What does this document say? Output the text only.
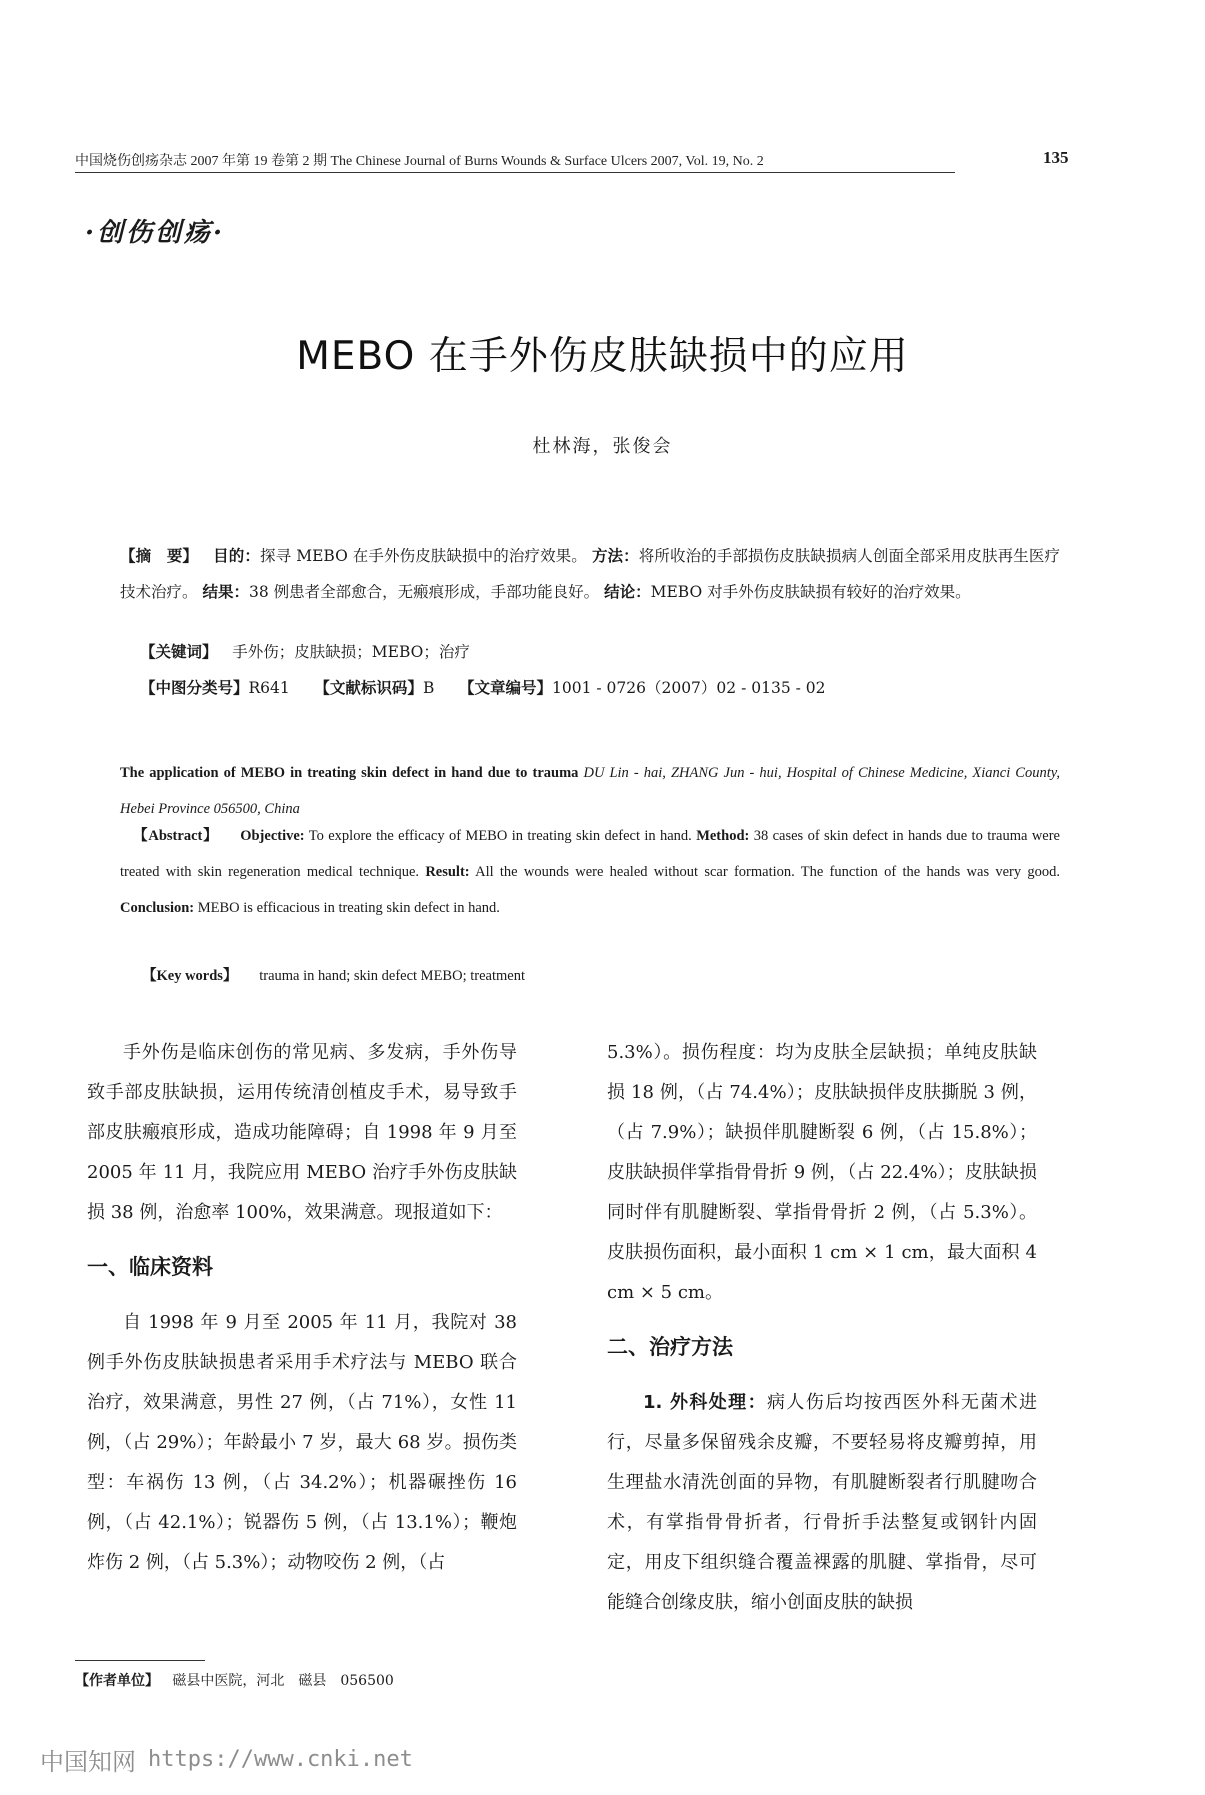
中国烧伤创疡杂志 2007 年第 19 卷第 2 期 The Chinese Journal of Burns Wounds & Surface Ulcers 2007, Vol. 19, No. 2	135
·创伤创疡·
MEBO 在手外伤皮肤缺损中的应用
杜林海，张俊会
【摘　要】 目的：探寻 MEBO 在手外伤皮肤缺损中的治疗效果。 方法：将所收治的手部损伤皮肤缺损病人创面全部采用皮肤再生医疗技术治疗。 结果：38 例患者全部愈合，无瘢痕形成，手部功能良好。 结论：MEBO 对手外伤皮肤缺损有较好的治疗效果。
【关键词】 手外伤；皮肤缺损；MEBO；治疗
【中图分类号】R641 【文献标识码】B 【文章编号】1001 - 0726（2007）02 - 0135 - 02
The application of MEBO in treating skin defect in hand due to trauma DU Lin - hai, ZHANG Jun - hui, Hospital of Chinese Medicine, Xianci County, Hebei Province 056500, China
【Abstract】 Objective: To explore the efficacy of MEBO in treating skin defect in hand. Method: 38 cases of skin defect in hands due to trauma were treated with skin regeneration medical technique. Result: All the wounds were healed without scar formation. The function of the hands was very good. Conclusion: MEBO is efficacious in treating skin defect in hand.
【Key words】 trauma in hand; skin defect MEBO; treatment

手外伤是临床创伤的常见病、多发病，手外伤导致手部皮肤缺损，运用传统清创植皮手术，易导致手部皮肤瘢痕形成，造成功能障碍；自 1998 年 9 月至 2005 年 11 月，我院应用 MEBO 治疗手外伤皮肤缺损 38 例，治愈率 100%，效果满意。现报道如下：

一、临床资料

自 1998 年 9 月至 2005 年 11 月，我院对 38 例手外伤皮肤缺损患者采用手术疗法与 MEBO 联合治疗，效果满意，男性 27 例，（占 71%），女性 11 例，（占 29%）；年龄最小 7 岁，最大 68 岁。损伤类型：车祸伤 13 例，（占 34.2%）；机器碾挫伤 16 例，（占 42.1%）；锐器伤 5 例，（占 13.1%）；鞭炮炸伤 2 例，（占 5.3%）；动物咬伤 2 例，（占

5.3%）。损伤程度：均为皮肤全层缺损；单纯皮肤缺损 18 例，（占 74.4%）；皮肤缺损伴皮肤撕脱 3 例，（占 7.9%）；缺损伴肌腱断裂 6 例，（占 15.8%）；皮肤缺损伴掌指骨骨折 9 例，（占 22.4%）；皮肤缺损同时伴有肌腱断裂、掌指骨骨折 2 例，（占 5.3%）。皮肤损伤面积，最小面积 1 cm × 1 cm，最大面积 4 cm × 5 cm。

二、治疗方法

1. 外科处理：病人伤后均按西医外科无菌术进行，尽量多保留残余皮瓣，不要轻易将皮瓣剪掉，用生理盐水清洗创面的异物，有肌腱断裂者行肌腱吻合术，有掌指骨骨折者，行骨折手法整复或钢针内固定，用皮下组织缝合覆盖裸露的肌腱、掌指骨，尽可能缝合创缘皮肤，缩小创面皮肤的缺损

【作者单位】 磁县中医院，河北　磁县　056500
中国知网 https://www.cnki.net
